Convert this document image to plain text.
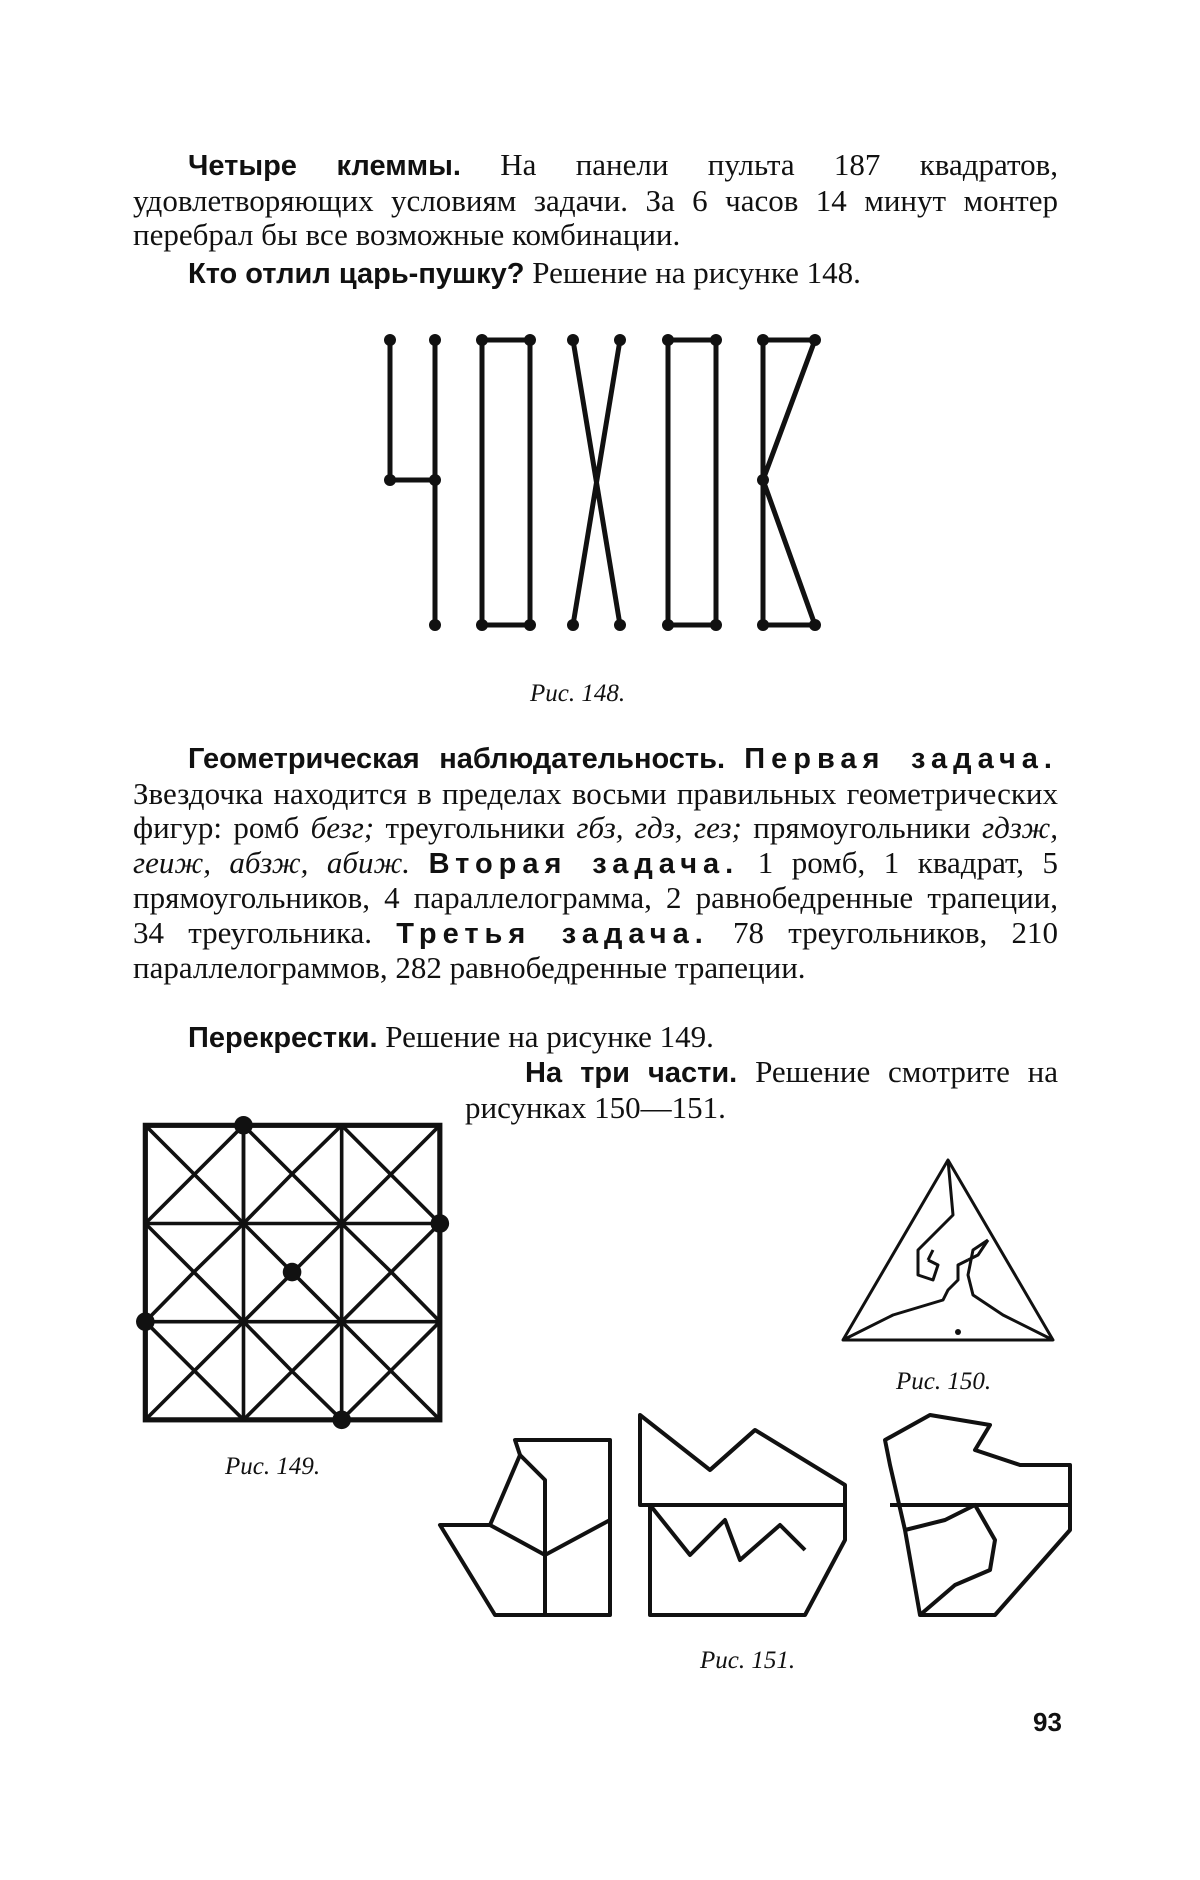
Четыре клеммы. На панели пульта 187 квадратов, удовлетворяющих условиям задачи. За 6 часов 14 минут монтер перебрал бы все возможные комбинации.
Кто отлил царь-пушку? Решение на рисунке 148.
Рис. 148.
Геометрическая наблюдательность. Первая задача. Звездочка находится в пределах восьми правильных геометрических фигур: ромб безг; треугольники гбз, гдз, гез; прямоугольники гдзж, геиж, абзж, абиж. Вторая задача. 1 ромб, 1 квадрат, 5 прямоугольников, 4 параллелограмма, 2 равнобедренные трапеции, 34 треугольника. Третья задача. 78 треугольников, 210 параллелограммов, 282 равнобедренные трапеции.
Перекрестки. Решение на рисунке 149.
На три части. Решение смотрите на рисунках 150—151.
Рис. 149.
Рис. 150.
Рис. 151.
93
